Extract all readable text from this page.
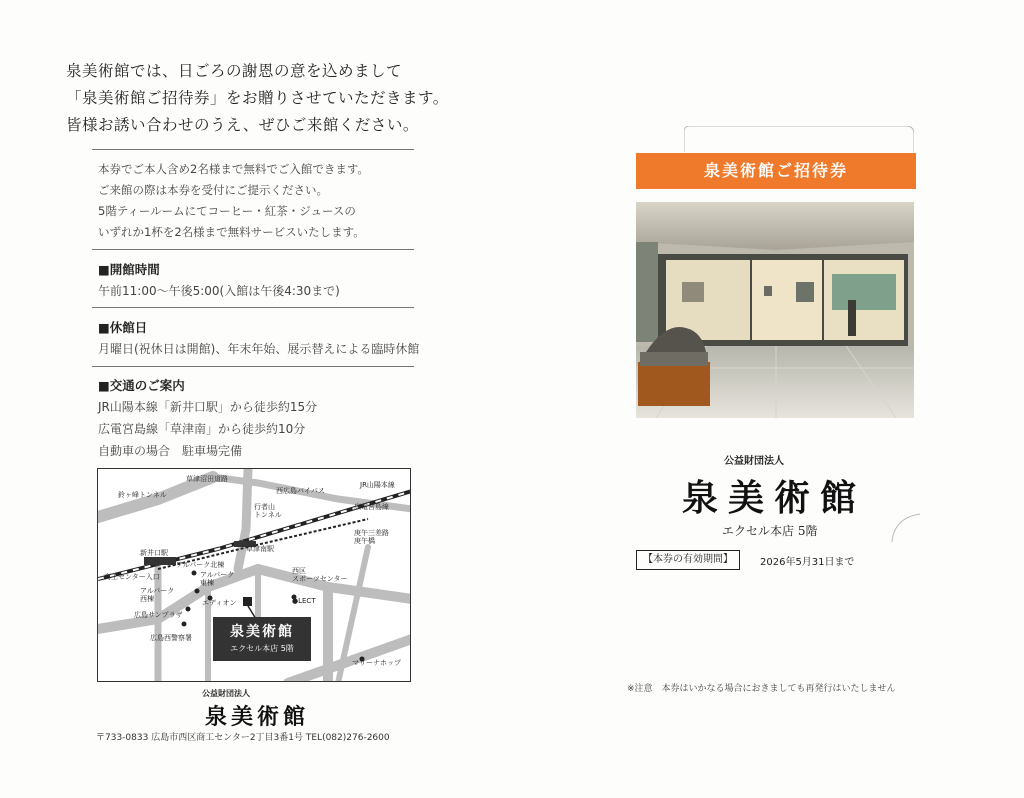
泉美術館では、日ごろの謝恩の意を込めまして
「泉美術館ご招待券」をお贈りさせていただきます。
皆様お誘い合わせのうえ、ぜひご来館ください。
本券でご本人含め2名様まで無料でご入館できます。
ご来館の際は本券を受付にご提示ください。
5階ティールームにてコーヒー・紅茶・ジュースの
いずれか1杯を2名様まで無料サービスいたします。
■開館時間
午前11:00〜午後5:00(入館は午後4:30まで)
■休館日
月曜日(祝休日は開館)、年末年始、展示替えによる臨時休館
■交通のご案内
JR山陽本線「新井口駅」から徒歩約15分
広電宮島線「草津南」から徒歩約10分
自動車の場合　駐車場完備
草津沼田道路
鈴ヶ峰トンネル	西広島バイパス
JR山陽本線
行者山
トンネル
広電宮島線
新井口駅	草津南駅
庚午三差路
庚午橋
商工センター入口
アルパーク北棟
アルパーク
東棟
アルパーク
西棟	エディオン
広島サンプラザ
広島西警察署
西区
スポーツセンター
●LECT
マリーナホップ
泉美術館
エクセル本店 5階
公益財団法人
泉美術館
〒733-0833 広島市西区商工センター2丁目3番1号 TEL(082)276-2600
泉美術館ご招待券
公益財団法人
泉美術館
エクセル本店 5階
【本券の有効期間】	2026年5月31日まで
※注意　本券はいかなる場合におきましても再発行はいたしません
